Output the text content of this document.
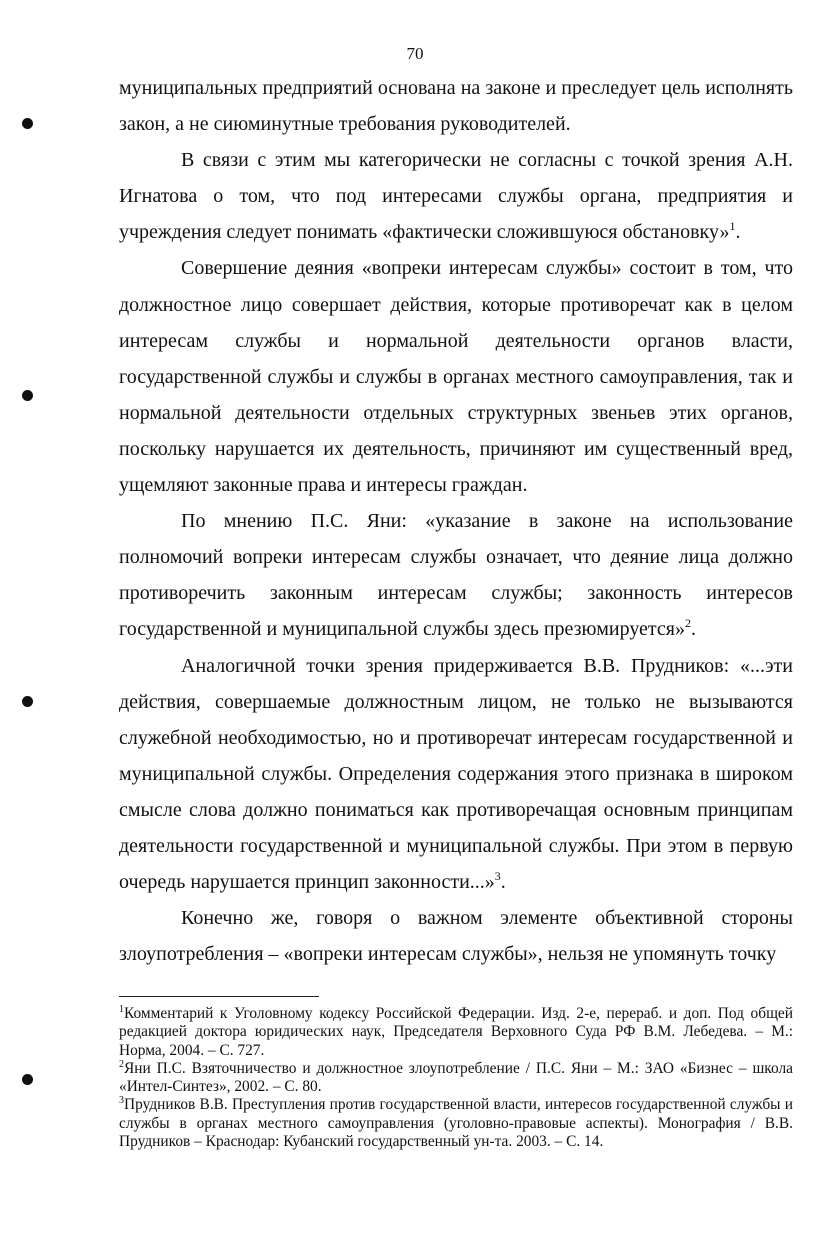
70

муниципальных предприятий основана на законе и преследует цель исполнять закон, а не сиюминутные требования руководителей.

В связи с этим мы категорически не согласны с точкой зрения А.Н. Игнатова о том, что под интересами службы органа, предприятия и учреждения следует понимать «фактически сложившуюся обстановку»$^1$.

Совершение деяния «вопреки интересам службы» состоит в том, что должностное лицо совершает действия, которые противоречат как в целом интересам службы и нормальной деятельности органов власти, государственной службы и службы в органах местного самоуправления, так и нормальной деятельности отдельных структурных звеньев этих органов, поскольку нарушается их деятельность, причиняют им существенный вред, ущемляют законные права и интересы граждан.

По мнению П.С. Яни: «указание в законе на использование полномочий вопреки интересам службы означает, что деяние лица должно противоречить законным интересам службы; законность интересов государственной и муниципальной службы здесь презюмируется»$^2$.

Аналогичной точки зрения придерживается В.В. Прудников: «...эти действия, совершаемые должностным лицом, не только не вызываются служебной необходимостью, но и противоречат интересам государственной и муниципальной службы. Определения содержания этого признака в широком смысле слова должно пониматься как противоречащая основным принципам деятельности государственной и муниципальной службы. При этом в первую очередь нарушается принцип законности...»$^3$.

Конечно же, говоря о важном элементе объективной стороны злоупотребления – «вопреки интересам службы», нельзя не упомянуть точку

$^1$Комментарий к Уголовному кодексу Российской Федерации. Изд. 2-е, перераб. и доп. Под общей редакцией доктора юридических наук, Председателя Верховного Суда РФ В.М. Лебедева. – М.: Норма, 2004. – С. 727.

$^2$Яни П.С. Взяточничество и должностное злоупотребление / П.С. Яни – М.: ЗАО «Бизнес – школа «Интел-Синтез», 2002. – С. 80.

$^3$Прудников В.В. Преступления против государственной власти, интересов государственной службы и службы в органах местного самоуправления (уголовно-правовые аспекты). Монография / В.В. Прудников – Краснодар: Кубанский государственный ун-та. 2003. – С. 14.
